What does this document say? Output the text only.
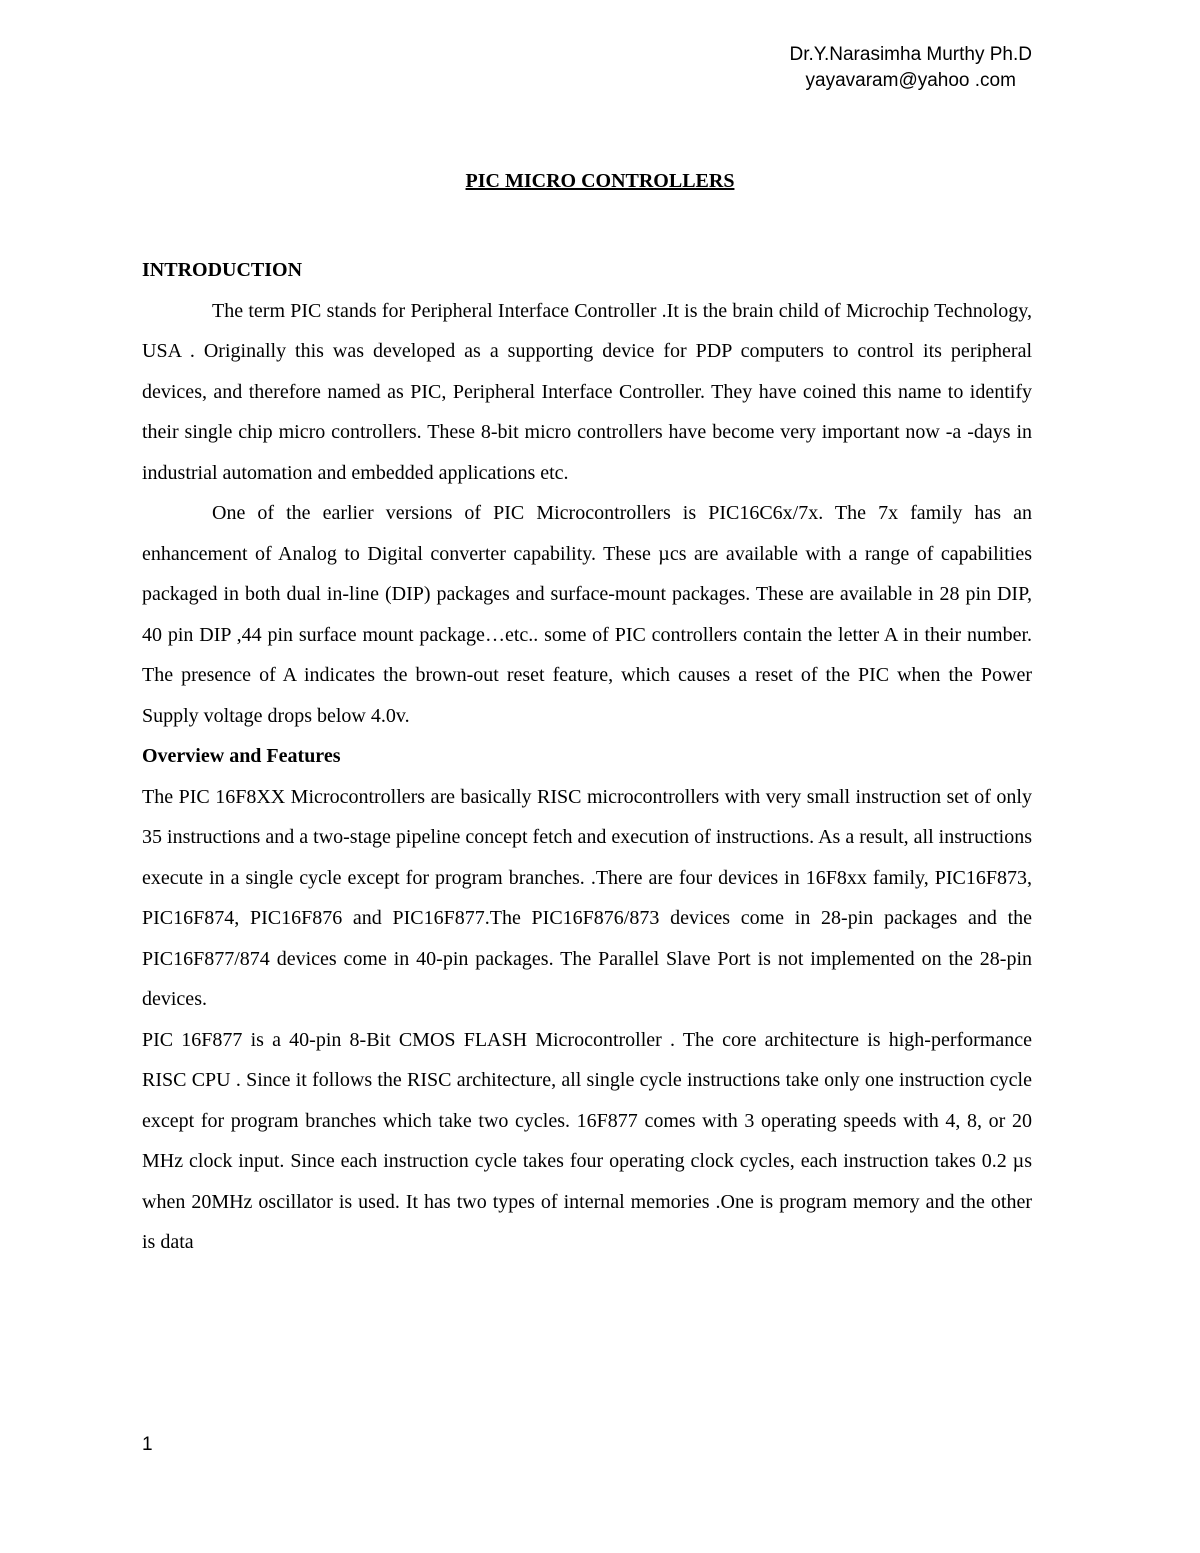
Dr.Y.Narasimha Murthy Ph.D
yayavaram@yahoo .com
PIC MICRO CONTROLLERS
INTRODUCTION

The term PIC stands for Peripheral Interface Controller .It is the brain child of Microchip Technology, USA . Originally this was developed as a supporting device for PDP computers to control its peripheral devices, and therefore named as PIC, Peripheral Interface Controller. They have coined this name to identify their single chip micro controllers. These 8-bit micro controllers have become very important now -a -days in industrial automation and embedded applications etc.

One of the earlier versions of PIC Microcontrollers is PIC16C6x/7x. The 7x family has an enhancement of Analog to Digital converter capability. These µcs are available with a range of capabilities packaged in both dual in-line (DIP) packages and surface-mount packages. These are available in 28 pin DIP, 40 pin DIP ,44 pin surface mount package…etc.. some of PIC controllers contain the letter A in their number. The presence of A indicates the brown-out reset feature, which causes a reset of the PIC when the Power Supply voltage drops below 4.0v.

Overview and Features

The PIC 16F8XX Microcontrollers are basically RISC microcontrollers with very small instruction set of only 35 instructions and a two-stage pipeline concept fetch and execution of instructions. As a result, all instructions execute in a single cycle except for program branches. .There are four devices in 16F8xx family, PIC16F873, PIC16F874, PIC16F876 and PIC16F877.The PIC16F876/873 devices come in 28-pin packages and the PIC16F877/874 devices come in 40-pin packages. The Parallel Slave Port is not implemented on the 28-pin devices.

PIC 16F877 is a 40-pin 8-Bit CMOS FLASH Microcontroller . The core architecture is high-performance RISC CPU . Since it follows the RISC architecture, all single cycle instructions take only one instruction cycle except for program branches which take two cycles. 16F877 comes with 3 operating speeds with 4, 8, or 20 MHz clock input. Since each instruction cycle takes four operating clock cycles, each instruction takes 0.2 µs when 20MHz oscillator is used. It has two types of internal memories .One is program memory and the other is data

1
